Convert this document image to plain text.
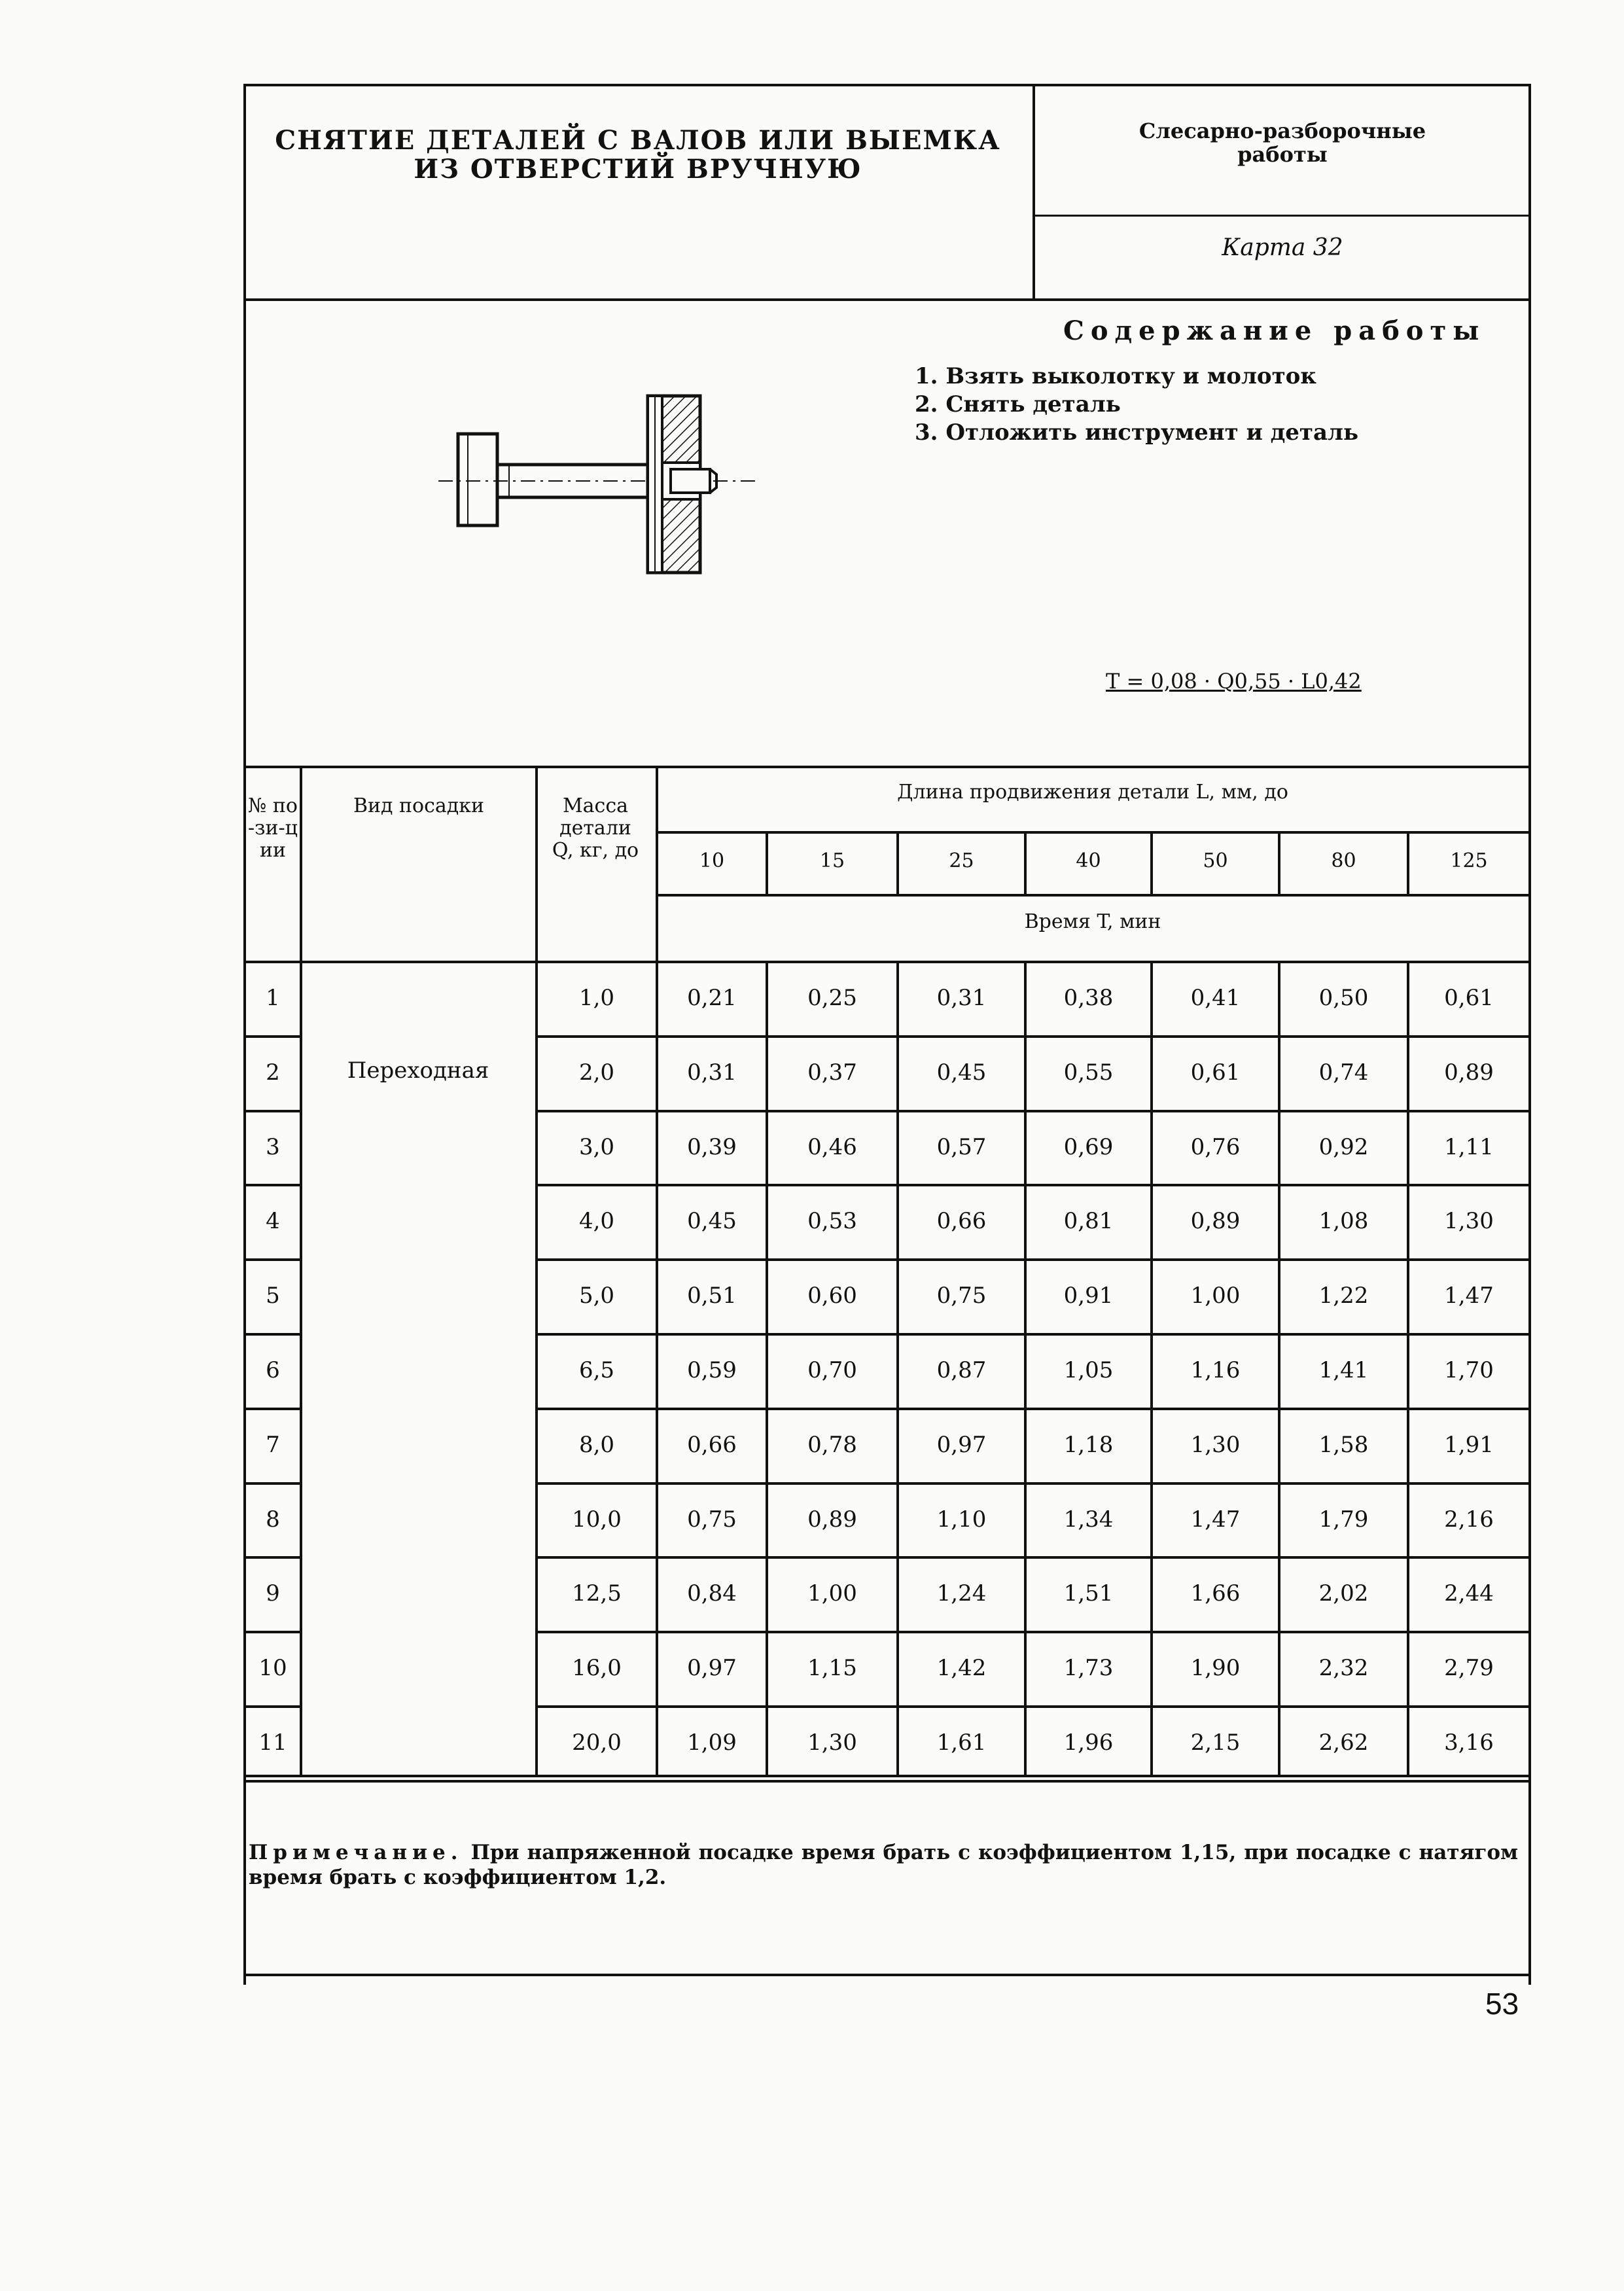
СНЯТИЕ ДЕТАЛЕЙ С ВАЛОВ ИЛИ ВЫЕМКА
ИЗ ОТВЕРСТИЙ ВРУЧНУЮ
Слесарно-разборочные
работы
Карта 32
Содержание работы
1. Взять выколотку и молоток
2. Снять деталь
3. Отложить инструмент и деталь
T = 0,08 · Q0,55 · L0,42
№ по-зи-ции
Вид посадки	Масса детали Q, кг, до
Длина продвижения детали L, мм, до
10	15	25	40	50	80	125
Время T, мин
Переходная
1	1,0	0,21	0,25	0,31	0,38	0,41	0,50	0,61
2	2,0	0,31	0,37	0,45	0,55	0,61	0,74	0,89
3	3,0	0,39	0,46	0,57	0,69	0,76	0,92	1,11
4	4,0	0,45	0,53	0,66	0,81	0,89	1,08	1,30
5	5,0	0,51	0,60	0,75	0,91	1,00	1,22	1,47
6	6,5	0,59	0,70	0,87	1,05	1,16	1,41	1,70
7	8,0	0,66	0,78	0,97	1,18	1,30	1,58	1,91
8	10,0	0,75	0,89	1,10	1,34	1,47	1,79	2,16
9	12,5	0,84	1,00	1,24	1,51	1,66	2,02	2,44
10	16,0	0,97	1,15	1,42	1,73	1,90	2,32	2,79
11	20,0	1,09	1,30	1,61	1,96	2,15	2,62	3,16
Примечание. При напряженной посадке время брать с коэффициентом 1,15, при посадке с натягом время брать с коэффициентом 1,2.
53
